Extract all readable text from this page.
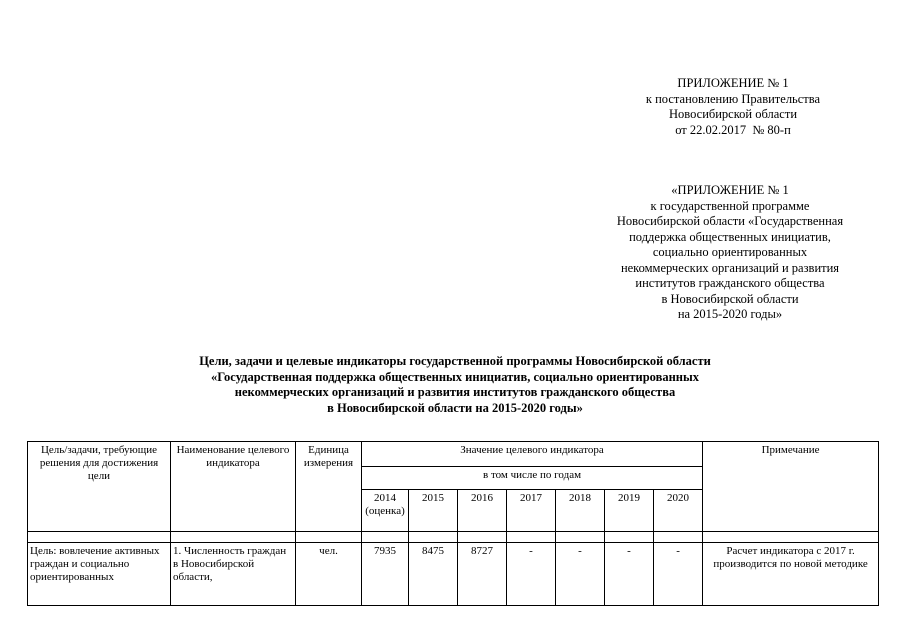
ПРИЛОЖЕНИЕ № 1
к постановлению Правительства
Новосибирской области
от 22.02.2017  № 80-п
«ПРИЛОЖЕНИЕ № 1
к государственной программе
Новосибирской области «Государственная
поддержка общественных инициатив,
социально ориентированных
некоммерческих организаций и развития
институтов гражданского общества
в Новосибирской области
на 2015-2020 годы»
Цели, задачи и целевые индикаторы государственной программы Новосибирской области
«Государственная поддержка общественных инициатив, социально ориентированных
некоммерческих организаций и развития институтов гражданского общества
в Новосибирской области на 2015-2020 годы»
Цель/задачи, требующие решения для достижения цели	Наименование целевого индикатора	Единица измерения	Значение целевого индикатора							Примечание
			в том числе по годам							
			2014 (оценка)	2015	2016	2017	2018	2019	2020	

Цель: вовлечение активных граждан и социально ориентированных	1. Численность граждан в Новосибирской области,	чел.	7935	8475	8727	-	-	-	-	Расчет индикатора с 2017 г. производится по новой методике
